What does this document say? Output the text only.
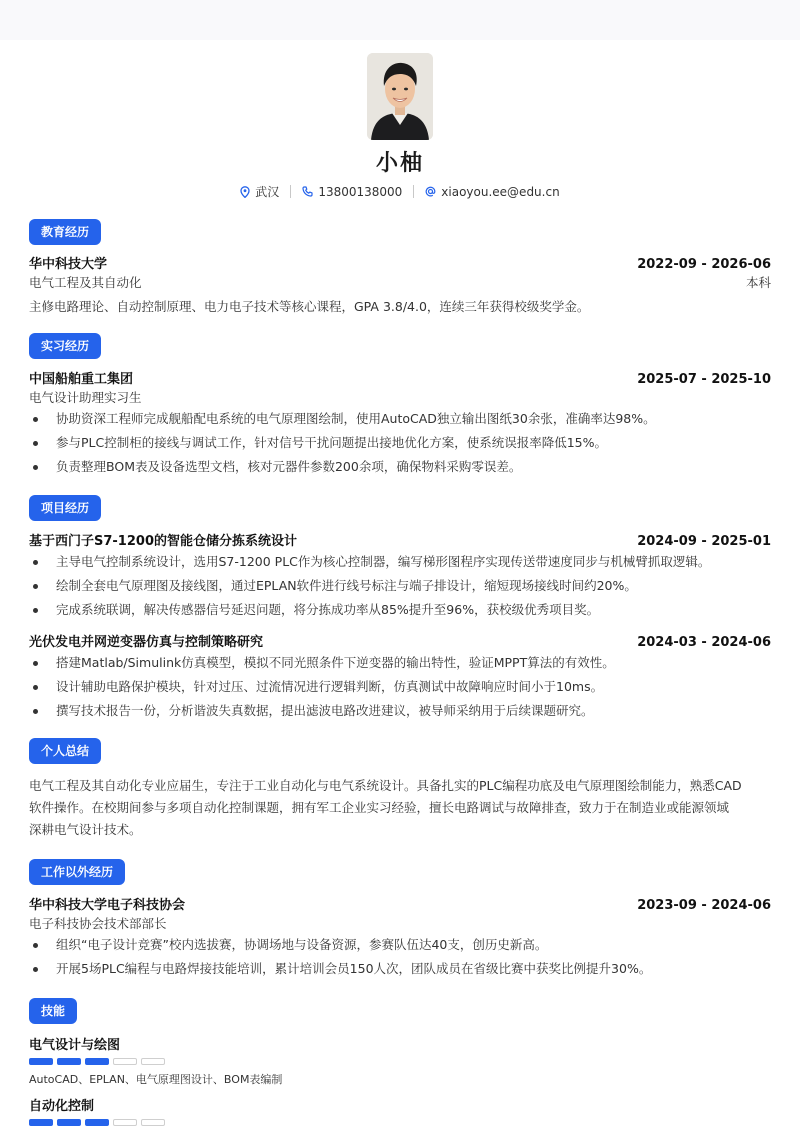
小柚
武汉	13800138000	xiaoyou.ee@edu.cn
教育经历
华中科技大学	2022-09 - 2026-06
电气工程及其自动化	本科
主修电路理论、自动控制原理、电力电子技术等核心课程，GPA 3.8/4.0，连续三年获得校级奖学金。
实习经历
中国船舶重工集团	2025-07 - 2025-10
电气设计助理实习生
协助资深工程师完成舰船配电系统的电气原理图绘制，使用AutoCAD独立输出图纸30余张，准确率达98%。
参与PLC控制柜的接线与调试工作，针对信号干扰问题提出接地优化方案，使系统误报率降低15%。
负责整理BOM表及设备选型文档，核对元器件参数200余项，确保物料采购零误差。
项目经历
基于西门子S7-1200的智能仓储分拣系统设计	2024-09 - 2025-01
主导电气控制系统设计，选用S7-1200 PLC作为核心控制器，编写梯形图程序实现传送带速度同步与机械臂抓取逻辑。
绘制全套电气原理图及接线图，通过EPLAN软件进行线号标注与端子排设计，缩短现场接线时间约20%。
完成系统联调，解决传感器信号延迟问题，将分拣成功率从85%提升至96%，获校级优秀项目奖。
光伏发电并网逆变器仿真与控制策略研究	2024-03 - 2024-06
搭建Matlab/Simulink仿真模型，模拟不同光照条件下逆变器的输出特性，验证MPPT算法的有效性。
设计辅助电路保护模块，针对过压、过流情况进行逻辑判断，仿真测试中故障响应时间小于10ms。
撰写技术报告一份，分析谐波失真数据，提出滤波电路改进建议，被导师采纳用于后续课题研究。
个人总结
电气工程及其自动化专业应届生，专注于工业自动化与电气系统设计。具备扎实的PLC编程功底及电气原理图绘制能力，熟悉CAD
软件操作。在校期间参与多项自动化控制课题，拥有军工企业实习经验，擅长电路调试与故障排查，致力于在制造业或能源领域
深耕电气设计技术。
工作以外经历
华中科技大学电子科技协会	2023-09 - 2024-06
电子科技协会技术部部长
组织“电子设计竞赛”校内选拔赛，协调场地与设备资源，参赛队伍达40支，创历史新高。
开展5场PLC编程与电路焊接技能培训，累计培训会员150人次，团队成员在省级比赛中获奖比例提升30%。
技能
电气设计与绘图
AutoCAD、EPLAN、电气原理图设计、BOM表编制
自动化控制
